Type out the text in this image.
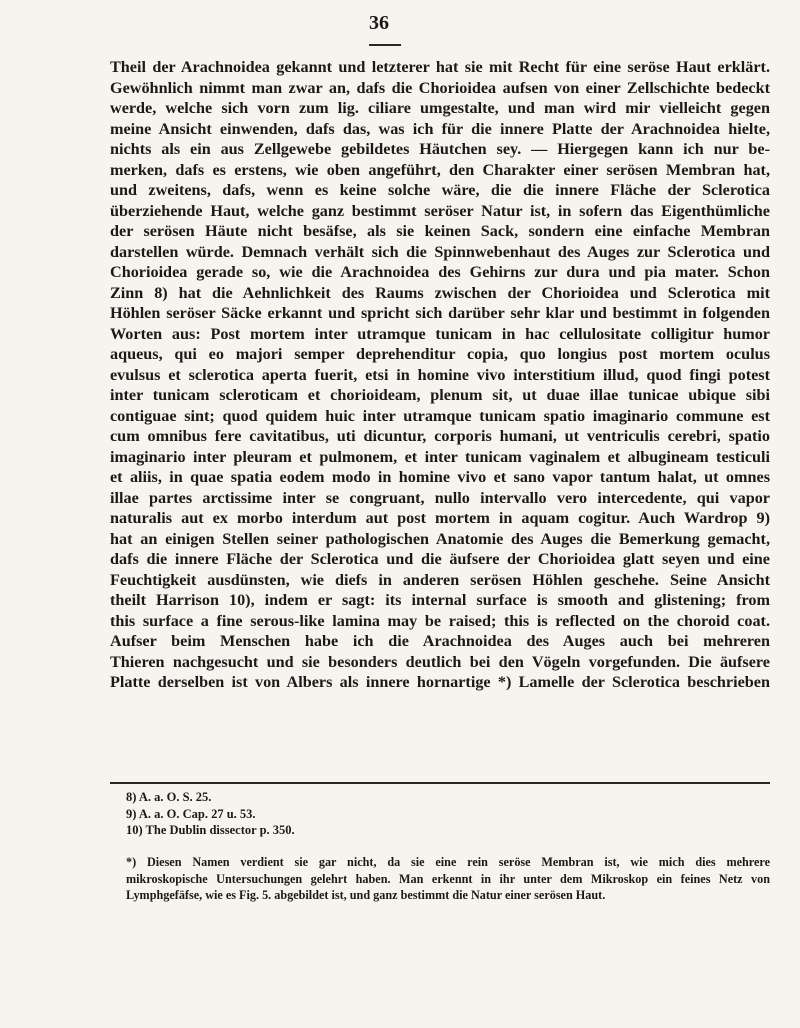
36
Theil der Arachnoidea gekannt und letzterer hat sie mit Recht für eine seröse Haut erklärt.
Gewöhnlich nimmt man zwar an, dafs die Chorioidea aufsen von einer Zellschichte bedeckt
werde, welche sich vorn zum lig. ciliare umgestalte, und man wird mir vielleicht gegen
meine Ansicht einwenden, dafs das, was ich für die innere Platte der Arachnoidea hielte,
nichts als ein aus Zellgewebe gebildetes Häutchen sey. — Hiergegen kann ich nur be-
merken, dafs es erstens, wie oben angeführt, den Charakter einer serösen Membran hat,
und zweitens, dafs, wenn es keine solche wäre, die die innere Fläche der Sclerotica
überziehende Haut, welche ganz bestimmt seröser Natur ist, in sofern das Eigenthümliche
der serösen Häute nicht besäfse, als sie keinen Sack, sondern eine einfache Membran
darstellen würde. Demnach verhält sich die Spinnwebenhaut des Auges zur Sclerotica und
Chorioidea gerade so, wie die Arachnoidea des Gehirns zur dura und pia mater. Schon
Zinn 8) hat die Aehnlichkeit des Raums zwischen der Chorioidea und Sclerotica mit
Höhlen seröser Säcke erkannt und spricht sich darüber sehr klar und bestimmt in folgenden
Worten aus: Post mortem inter utramque tunicam in hac cellulositate colligitur humor
aqueus, qui eo majori semper deprehenditur copia, quo longius post mortem oculus
evulsus et sclerotica aperta fuerit, etsi in homine vivo interstitium illud, quod fingi potest
inter tunicam scleroticam et chorioideam, plenum sit, ut duae illae tunicae ubique sibi
contiguae sint; quod quidem huic inter utramque tunicam spatio imaginario commune est
cum omnibus fere cavitatibus, uti dicuntur, corporis humani, ut ventriculis cerebri, spatio
imaginario inter pleuram et pulmonem, et inter tunicam vaginalem et albugineam testiculi
et aliis, in quae spatia eodem modo in homine vivo et sano vapor tantum halat, ut omnes
illae partes arctissime inter se congruant, nullo intervallo vero intercedente, qui vapor
naturalis aut ex morbo interdum aut post mortem in aquam cogitur. Auch Wardrop 9)
hat an einigen Stellen seiner pathologischen Anatomie des Auges die Bemerkung gemacht,
dafs die innere Fläche der Sclerotica und die äufsere der Chorioidea glatt seyen und eine
Feuchtigkeit ausdünsten, wie diefs in anderen serösen Höhlen geschehe. Seine Ansicht
theilt Harrison 10), indem er sagt: its internal surface is smooth and glistening; from
this surface a fine serous-like lamina may be raised; this is reflected on the choroid coat.
Aufser beim Menschen habe ich die Arachnoidea des Auges auch bei mehreren
Thieren nachgesucht und sie besonders deutlich bei den Vögeln vorgefunden. Die äufsere
Platte derselben ist von Albers als innere hornartige *) Lamelle der Sclerotica beschrieben
8) A. a. O. S. 25.
9) A. a. O. Cap. 27 u. 53.
10) The Dublin dissector p. 350.
*) Diesen Namen verdient sie gar nicht, da sie eine rein seröse Membran ist, wie mich dies mehrere
mikroskopische Untersuchungen gelehrt haben. Man erkennt in ihr unter dem Mikroskop ein feines Netz von
Lymphgefäfse, wie es Fig. 5. abgebildet ist, und ganz bestimmt die Natur einer serösen Haut.
